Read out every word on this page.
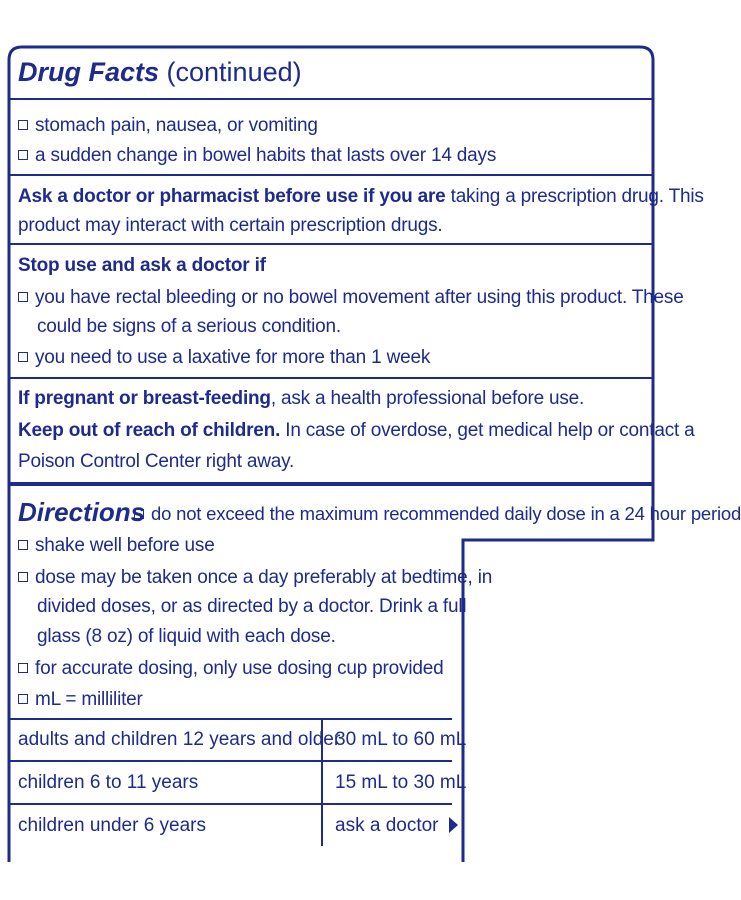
Drug Facts (continued)
stomach pain, nausea, or vomiting
a sudden change in bowel habits that lasts over 14 days
Ask a doctor or pharmacist before use if you are taking a prescription drug. This
product may interact with certain prescription drugs.
Stop use and ask a doctor if
you have rectal bleeding or no bowel movement after using this product. These
could be signs of a serious condition.
you need to use a laxative for more than 1 week
If pregnant or breast-feeding, ask a health professional before use.
Keep out of reach of children. In case of overdose, get medical help or contact a
Poison Control Center right away.
Directions do not exceed the maximum recommended daily dose in a 24 hour period
shake well before use
dose may be taken once a day preferably at bedtime, in
divided doses, or as directed by a doctor. Drink a full
glass (8 oz) of liquid with each dose.
for accurate dosing, only use dosing cup provided
mL = milliliter
adults and children 12 years and older
30 mL to 60 mL
children 6 to 11 years	15 mL to 30 mL
children under 6 years	ask a doctor
